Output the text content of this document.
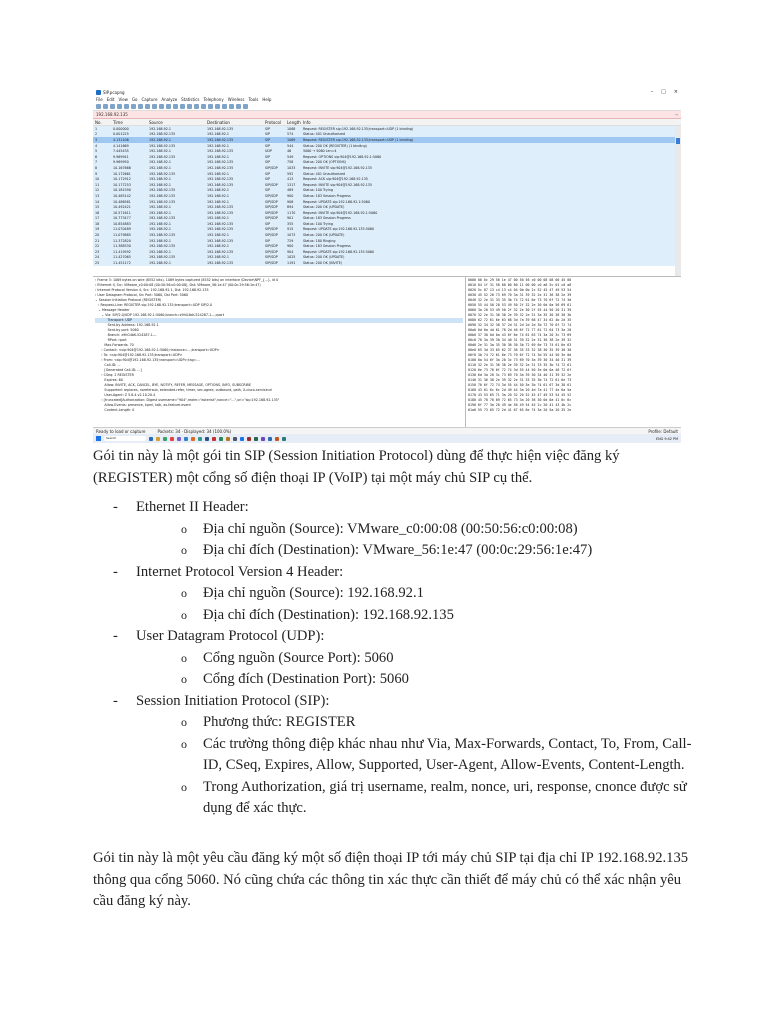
SIP.pcapng	– □ ×
File Edit View Go Capture Analyze Statistics Telephony Wireless Tools Help
192.168.92.135	→
No.	Time	Source	Destination	Protocol	Length Info
1	0.000000	192.168.92.1	192.168.92.135	SIP	1068	Request: REGISTER sip:192.168.92.135;transport=UDP (1 binding)
2	0.001225	192.168.92.135	192.168.92.1	SIP	574	Status: 401 Unauthorized
3	4.131106	192.168.92.1	192.168.92.135	SIP	1069	Request: REGISTER sip:192.168.92.135;transport=UDP (1 binding)
4	4.141669	192.168.92.135	192.168.92.1	SIP	544	Status: 200 OK (REGISTER) (1 binding)
5	7.445435	192.168.92.1	192.168.92.135	UDP	46	5060 → 5060 Len=4
6	9.969941	192.168.92.135	192.168.92.1	SIP	549	Request: OPTIONS sip:904@192.168.92.1:5060
7	9.969950	192.168.92.1	192.168.92.135	SIP	758	Status: 200 OK (OPTIONS)
8	10.167666	192.168.92.1	192.168.92.135	SIP/SDP	1033	Request: INVITE sip:904@192.168.92.135
9	10.172661	192.168.92.135	192.168.92.1	SIP	592	Status: 401 Unauthorized
10	10.172912	192.168.92.1	192.168.92.135	SIP	413	Request: ACK sip:904@192.168.92.135
11	10.177253	192.168.92.1	192.168.92.135	SIP/SDP	1317	Request: INVITE sip:904@192.168.92.135
12	10.181590	192.168.92.135	192.168.92.1	SIP	489	Status: 100 Trying
13	10.485142	192.168.92.135	192.168.92.1	SIP/SDP	900	Status: 183 Session Progress
14	10.486561	192.168.92.135	192.168.92.1	SIP/SDP	906	Request: UPDATE sip:192.168.92.1:5060
15	10.492421	192.168.92.1	192.168.92.135	SIP/SDP	894	Status: 200 OK (UPDATE)
16	10.571611	192.168.92.1	192.168.92.135	SIP/SDP	1170	Request: INVITE sip:904@192.168.92.1:5060
17	10.773477	192.168.92.135	192.168.92.1	SIP/SDP	901	Status: 183 Session Progress
18	10.854883	192.168.92.1	192.168.92.135	SIP	355	Status: 100 Trying
19	11.070489	192.168.92.1	192.168.92.135	SIP/SDP	915	Request: UPDATE sip:192.168.92.135:5060
20	11.079885	192.168.92.135	192.168.92.1	SIP/SDP	1073	Status: 200 OK (UPDATE)
21	11.372820	192.168.92.1	192.168.92.135	SIP	729	Status: 180 Ringing
22	11.388330	192.168.92.135	192.168.92.1	SIP/SDP	900	Status: 183 Session Progress
23	11.419592	192.168.92.1	192.168.92.135	SIP/SDP	904	Request: UPDATE sip:192.168.92.135:5060
24	11.427065	192.168.92.135	192.168.92.1	SIP/SDP	1025	Status: 200 OK (UPDATE)
25	11.451172	192.168.92.1	192.168.92.135	SIP/SDP	1191	Status: 200 OK (INVITE)
› Frame 3: 1069 bytes on wire (8552 bits), 1069 bytes captured (8552 bits) on interface \Device\NPF_{...}, id 0
› Ethernet II, Src: VMware_c0:00:08 (00:50:56:c0:00:08), Dst: VMware_56:1e:47 (00:0c:29:56:1e:47)
› Internet Protocol Version 4, Src: 192.168.92.1, Dst: 192.168.92.135
› User Datagram Protocol, Src Port: 5060, Dst Port: 5060
⌄ Session Initiation Protocol (REGISTER)
› Request-Line: REGISTER sip:192.168.92.135;transport=UDP SIP/2.0
⌄ Message Header
⌄ Via: SIP/2.0/UDP 192.168.92.1:5060;branch=z9hG4bK-524287-1---;rport
Transport: UDP
Sent-by Address: 192.168.92.1
Sent-by port: 5060
Branch: z9hG4bK-524287-1---
RPort: rport
Max-Forwards: 70
› Contact: <sip:904@192.168.92.1:5060;rinstance=...;transport=UDP>
› To: <sip:904@192.168.92.135;transport=UDP>
› From: <sip:904@192.168.92.135;transport=UDP>;tag=...
Call-ID: ...
[Generated Call-ID: ...]
› CSeq: 2 REGISTER
Expires: 60
Allow: INVITE, ACK, CANCEL, BYE, NOTIFY, REFER, MESSAGE, OPTIONS, INFO, SUBSCRIBE
Supported: replaces, norefersub, extended-refer, timer, sec-agree, outbound, path, X-cisco-serviceuri
User-Agent: Z 5.6.4 v2.10.20.4
› [truncated]Authorization: Digest username="904",realm="asterisk",nonce="...",uri="sip:192.168.92.135"
Allow-Events: presence, kpml, talk, as-feature-event
Content-Length: 0
0000 00 0c 29 56 1e 47 00 50 56 c0 00 08 08 00 45 00
0010 04 1f 31 58 00 00 80 11 00 00 c0 a8 5c 01 c0 a8
0020 5c 87 13 c4 13 c4 04 0b 0b 2c 52 45 47 49 53 54
0030 45 52 20 73 69 70 3a 31 39 32 2e 31 36 38 2e 39
0040 32 2e 31 33 35 3b 74 72 61 6e 73 70 6f 72 74 3d
0050 55 44 50 20 53 49 50 2f 32 2e 30 0d 0a 56 69 61
0060 3a 20 53 49 50 2f 32 2e 30 2f 55 44 50 20 31 39
0070 32 2e 31 36 38 2e 39 32 2e 31 3a 35 30 36 30 3b
0080 62 72 61 6e 63 68 3d 7a 39 68 47 34 62 4b 2d 35
0090 32 34 32 38 37 2d 31 2d 2d 2d 3b 72 70 6f 72 74
00a0 0d 0a 4d 61 78 2d 46 6f 72 77 61 72 64 73 3a 20
00b0 37 30 0d 0a 43 6f 6e 74 61 63 74 3a 20 3c 73 69
00c0 70 3a 39 30 34 40 31 39 32 2e 31 36 38 2e 39 32
00d0 2e 31 3a 35 30 36 30 3b 72 69 6e 73 74 61 6e 63
00e0 65 3d 33 65 62 37 36 35 33 32 38 30 35 39 30 30
00f0 3b 74 72 61 6e 73 70 6f 72 74 3d 55 44 50 3e 0d
0100 0a 54 6f 3a 20 3c 73 69 70 3a 39 30 34 40 31 39
0110 32 2e 31 36 38 2e 39 32 2e 31 33 35 3b 74 72 61
0120 6e 73 70 6f 72 74 3d 55 44 50 3e 0d 0a 46 72 6f
0130 6d 3a 20 3c 73 69 70 3a 39 30 34 40 31 39 32 2e
0140 31 36 38 2e 39 32 2e 31 33 35 3b 74 72 61 6e 73
0150 70 6f 72 74 3d 55 44 50 3e 3b 74 61 67 3d 38 61
0160 43 61 6c 6c 2d 49 44 3a 20 4d 7a 41 77 4e 6a 5a
0170 43 53 65 71 3a 20 32 20 52 45 47 49 53 54 45 52
0180 45 78 70 69 72 65 73 3a 20 36 30 0d 0a 41 6c 6c
0190 6f 77 3a 20 49 4e 56 49 54 45 2c 20 41 43 4b 2c
01a0 55 73 65 72 2d 41 67 65 6e 74 3a 20 5a 20 35 2e
Ready to load or capture	Packets: 34 · Displayed: 34 (100.0%)	Profile: Default
Search	ENG 9:42 PM

Gói tin này là một gói tin SIP (Session Initiation Protocol) dùng để thực hiện việc đăng ký (REGISTER) một cổng số điện thoại IP (VoIP) tại một máy chủ SIP cụ thể.

- Ethernet II Header:
o Địa chỉ nguồn (Source): VMware_c0:00:08 (00:50:56:c0:00:08)
o Địa chỉ đích (Destination): VMware_56:1e:47 (00:0c:29:56:1e:47)
- Internet Protocol Version 4 Header:
o Địa chỉ nguồn (Source): 192.168.92.1
o Địa chỉ đích (Destination): 192.168.92.135
- User Datagram Protocol (UDP):
o Cổng nguồn (Source Port): 5060
o Cổng đích (Destination Port): 5060
- Session Initiation Protocol (SIP):
o Phương thức: REGISTER
o Các trường thông điệp khác nhau như Via, Max-Forwards, Contact, To, From, Call-ID, CSeq, Expires, Allow, Supported, User-Agent, Allow-Events, Content-Length.
o Trong Authorization, giá trị username, realm, nonce, uri, response, cnonce được sử dụng để xác thực.

Gói tin này là một yêu cầu đăng ký một số điện thoại IP tới máy chủ SIP tại địa chỉ IP 192.168.92.135 thông qua cổng 5060. Nó cũng chứa các thông tin xác thực cần thiết để máy chủ có thể xác nhận yêu cầu đăng ký này.
